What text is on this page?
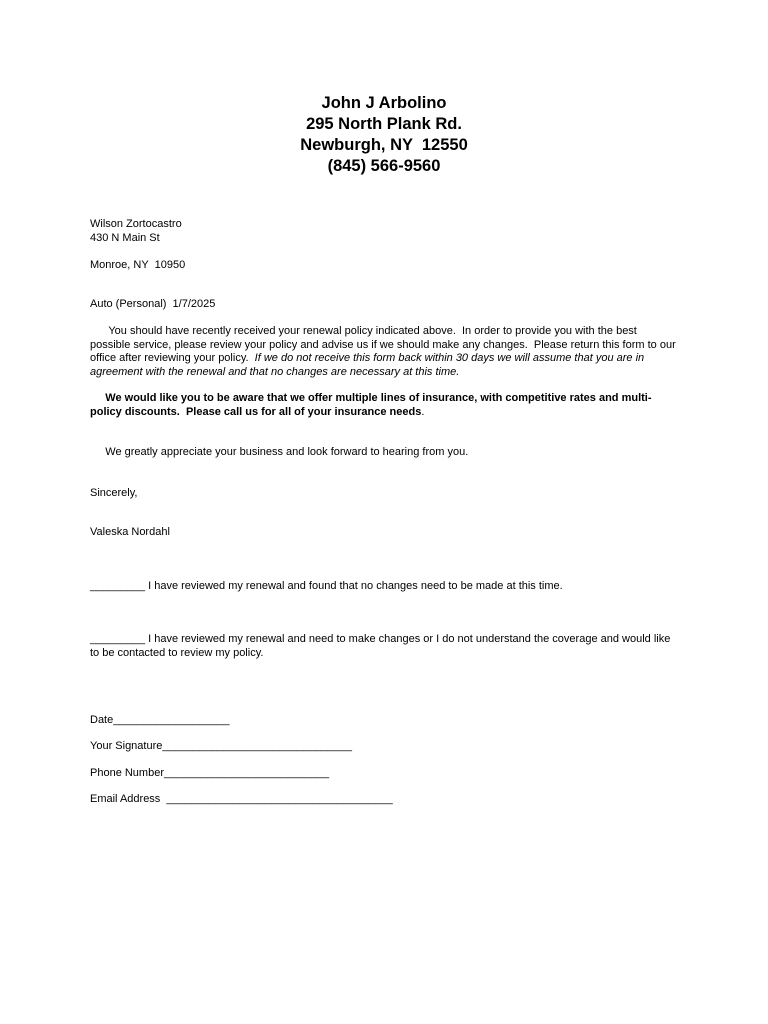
John J Arbolino
295 North Plank Rd.
Newburgh, NY  12550
(845) 566-9560
Wilson Zortocastro
430 N Main St
Monroe, NY  10950
Auto (Personal)  1/7/2025
You should have recently received your renewal policy indicated above.  In order to provide you with the best possible service, please review your policy and advise us if we should make any changes.  Please return this form to our office after reviewing your policy.  If we do not receive this form back within 30 days we will assume that you are in agreement with the renewal and that no changes are necessary at this time.
We would like you to be aware that we offer multiple lines of insurance, with competitive rates and multi-policy discounts.  Please call us for all of your insurance needs.
We greatly appreciate your business and look forward to hearing from you.
Sincerely,
Valeska Nordahl
_________ I have reviewed my renewal and found that no changes need to be made at this time.
_________ I have reviewed my renewal and need to make changes or I do not understand the coverage and would like to be contacted to review my policy.
Date___________________
Your Signature_______________________________
Phone Number___________________________
Email Address  _____________________________________
